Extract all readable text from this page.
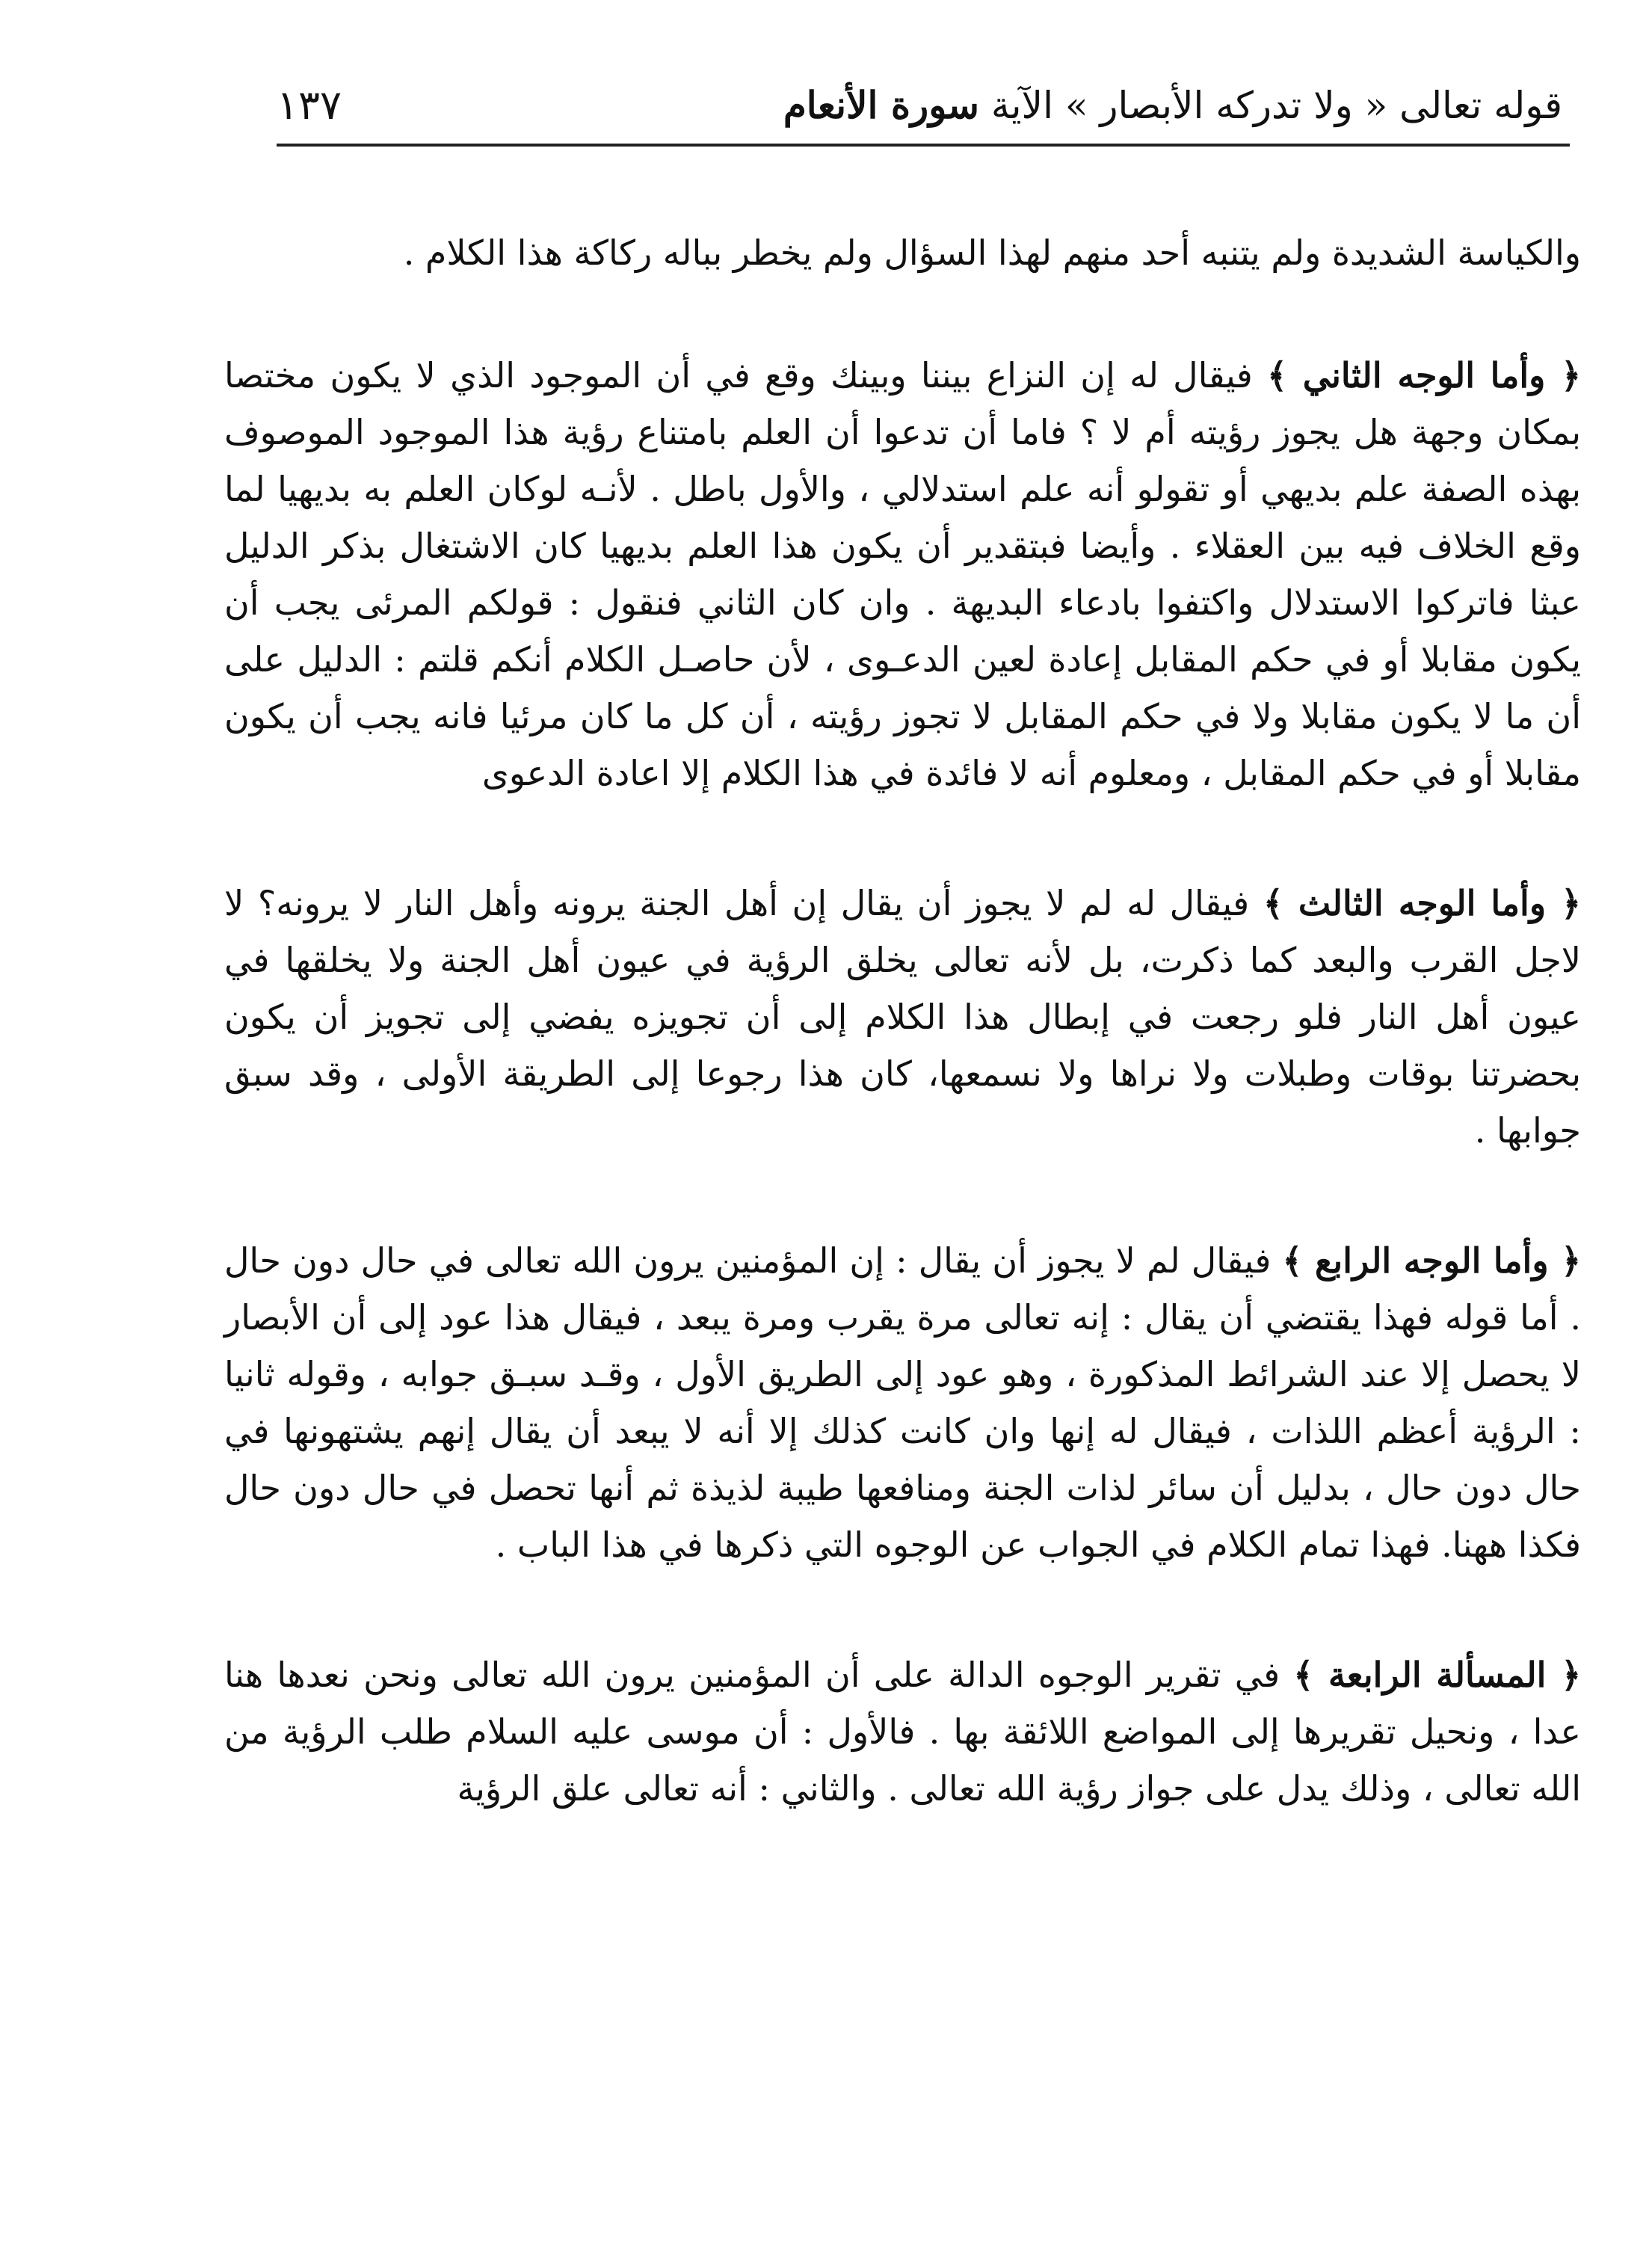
١٣٧	قوله تعالى « ولا تدركه الأبصار » الآية سورة الأنعام

والكياسة الشديدة ولم يتنبه أحد منهم لهذا السؤال ولم يخطر بباله ركاكة هذا الكلام .

﴿ وأما الوجه الثاني ﴾ فيقال له إن النزاع بيننا وبينك وقع في أن الموجود الذي لا يكون مختصا بمكان وجهة هل يجوز رؤيته أم لا ؟ فاما أن تدعوا أن العلم بامتناع رؤية هذا الموجود الموصوف بهذه الصفة علم بديهي أو تقولو أنه علم استدلالي ، والأول باطل . لأنـه لوكان العلم به بديهيا لما وقع الخلاف فيه بين العقلاء . وأيضا فبتقدير أن يكون هذا العلم بديهيا كان الاشتغال بذكر الدليل عبثا فاتركوا الاستدلال واكتفوا بادعاء البديهة . وان كان الثاني فنقول : قولكم المرئى يجب أن يكون مقابلا أو في حكم المقابل إعادة لعين الدعـوى ، لأن حاصـل الكلام أنكم قلتم : الدليل على أن ما لا يكون مقابلا ولا في حكم المقابل لا تجوز رؤيته ، أن كل ما كان مرئيا فانه يجب أن يكون مقابلا أو في حكم المقابل ، ومعلوم أنه لا فائدة في هذا الكلام إلا اعادة الدعوى

﴿ وأما الوجه الثالث ﴾ فيقال له لم لا يجوز أن يقال إن أهل الجنة يرونه وأهل النار لا يرونه؟ لا لاجل القرب والبعد كما ذكرت، بل لأنه تعالى يخلق الرؤية في عيون أهل الجنة ولا يخلقها في عيون أهل النار فلو رجعت في إبطال هذا الكلام إلى أن تجويزه يفضي إلى تجويز أن يكون بحضرتنا بوقات وطبلات ولا نراها ولا نسمعها، كان هذا رجوعا إلى الطريقة الأولى ، وقد سبق جوابها .

﴿ وأما الوجه الرابع ﴾ فيقال لم لا يجوز أن يقال : إن المؤمنين يرون الله تعالى في حال دون حال . أما قوله فهذا يقتضي أن يقال : إنه تعالى مرة يقرب ومرة يبعد ، فيقال هذا عود إلى أن الأبصار لا يحصل إلا عند الشرائط المذكورة ، وهو عود إلى الطريق الأول ، وقـد سبـق جوابه ، وقوله ثانيا : الرؤية أعظم اللذات ، فيقال له إنها وان كانت كذلك إلا أنه لا يبعد أن يقال إنهم يشتهونها في حال دون حال ، بدليل أن سائر لذات الجنة ومنافعها طيبة لذيذة ثم أنها تحصل في حال دون حال فكذا ههنا. فهذا تمام الكلام في الجواب عن الوجوه التي ذكرها في هذا الباب .

﴿ المسألة الرابعة ﴾ في تقرير الوجوه الدالة على أن المؤمنين يرون الله تعالى ونحن نعدها هنا عدا ، ونحيل تقريرها إلى المواضع اللائقة بها . فالأول : أن موسى عليه السلام طلب الرؤية من الله تعالى ، وذلك يدل على جواز رؤية الله تعالى . والثاني : أنه تعالى علق الرؤية
